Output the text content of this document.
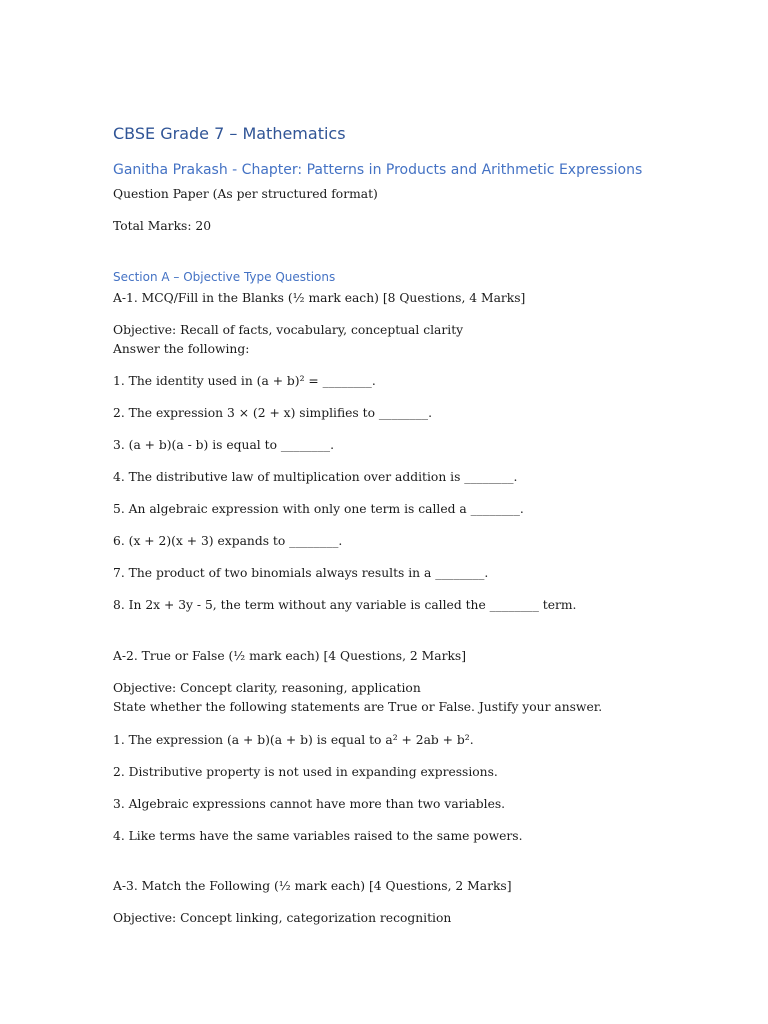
CBSE Grade 7 – Mathematics
Ganitha Prakash - Chapter: Patterns in Products and Arithmetic Expressions
Question Paper (As per structured format)
Total Marks: 20
Section A – Objective Type Questions
A-1. MCQ/Fill in the Blanks (½ mark each) [8 Questions, 4 Marks]
Objective: Recall of facts, vocabulary, conceptual clarity
Answer the following:
1. The identity used in (a + b)² = ________.
2. The expression 3 × (2 + x) simplifies to ________.
3. (a + b)(a - b) is equal to ________.
4. The distributive law of multiplication over addition is ________.
5. An algebraic expression with only one term is called a ________.
6. (x + 2)(x + 3) expands to ________.
7. The product of two binomials always results in a ________.
8. In 2x + 3y - 5, the term without any variable is called the ________ term.
A-2. True or False (½ mark each) [4 Questions, 2 Marks]
Objective: Concept clarity, reasoning, application
State whether the following statements are True or False. Justify your answer.
1. The expression (a + b)(a + b) is equal to a² + 2ab + b².
2. Distributive property is not used in expanding expressions.
3. Algebraic expressions cannot have more than two variables.
4. Like terms have the same variables raised to the same powers.
A-3. Match the Following (½ mark each) [4 Questions, 2 Marks]
Objective: Concept linking, categorization recognition
